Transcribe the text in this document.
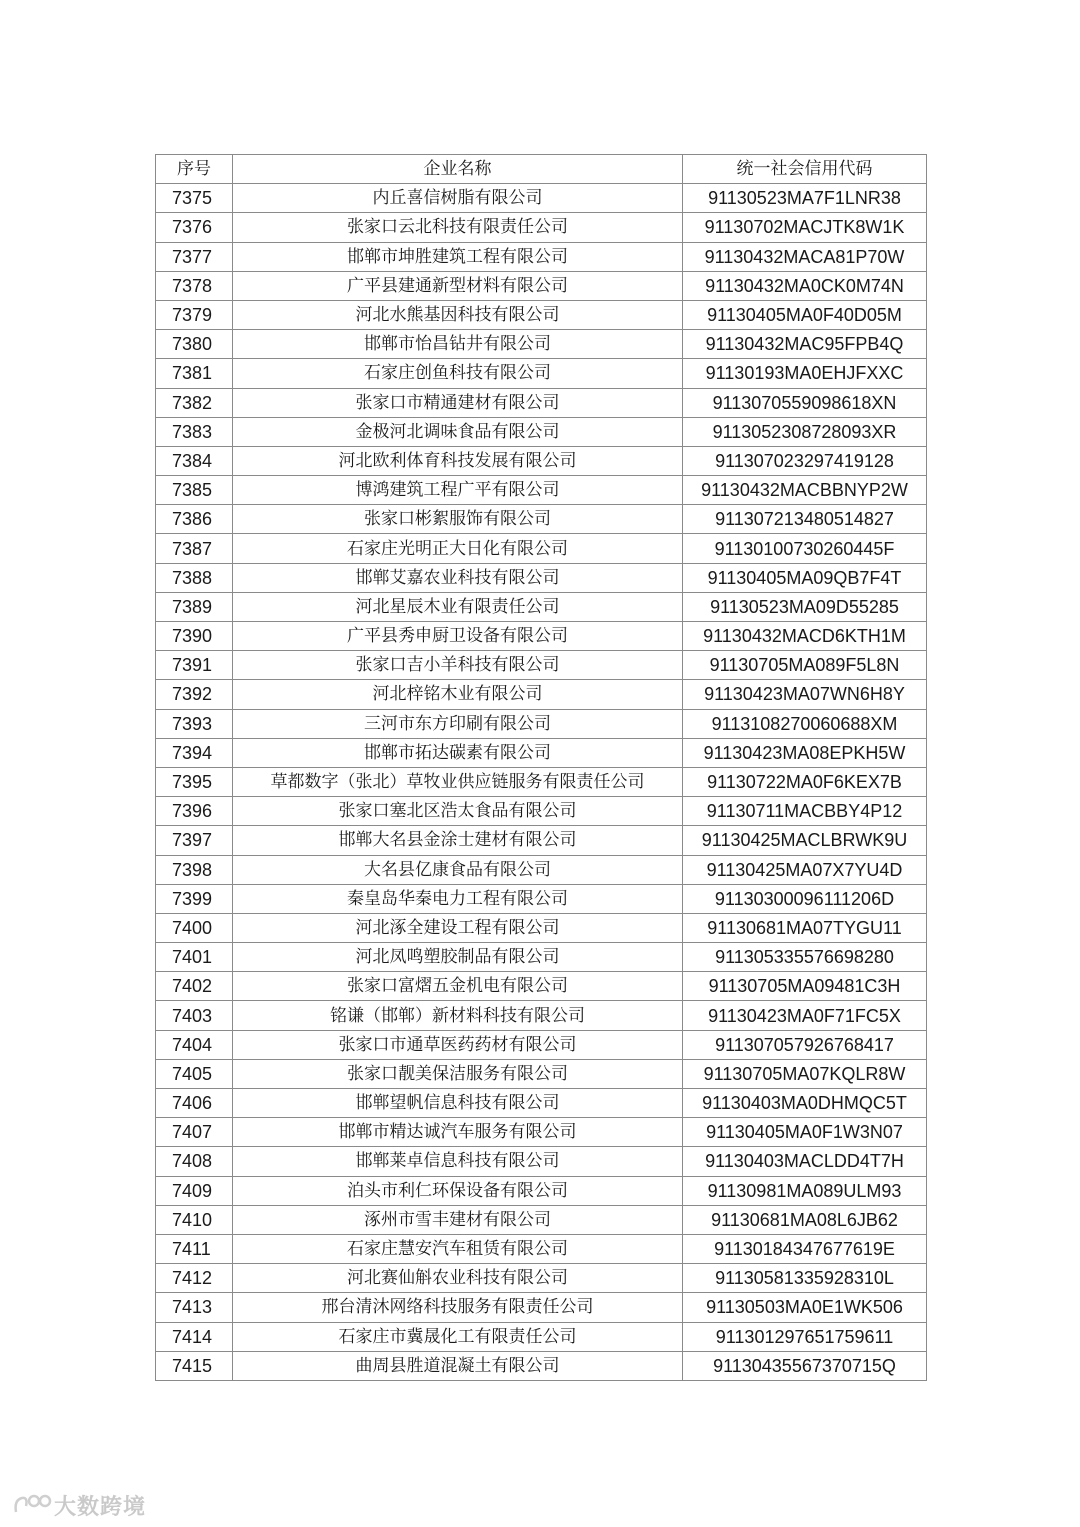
序号	企业名称	统一社会信用代码
7375	内丘喜信树脂有限公司	91130523MA7F1LNR38
7376	张家口云北科技有限责任公司	91130702MACJTK8W1K
7377	邯郸市坤胜建筑工程有限公司	91130432MACA81P70W
7378	广平县建通新型材料有限公司	91130432MA0CK0M74N
7379	河北水熊基因科技有限公司	91130405MA0F40D05M
7380	邯郸市怡昌钻井有限公司	91130432MAC95FPB4Q
7381	石家庄创鱼科技有限公司	91130193MA0EHJFXXC
7382	张家口市精通建材有限公司	9113070559098618XN
7383	金极河北调味食品有限公司	9113052308728093XR
7384	河北欧利体育科技发展有限公司	911307023297419128
7385	博鸿建筑工程广平有限公司	91130432MACBBNYP2W
7386	张家口彬絮服饰有限公司	911307213480514827
7387	石家庄光明正大日化有限公司	91130100730260445F
7388	邯郸艾嘉农业科技有限公司	91130405MA09QB7F4T
7389	河北星辰木业有限责任公司	91130523MA09D55285
7390	广平县秀申厨卫设备有限公司	91130432MACD6KTH1M
7391	张家口吉小羊科技有限公司	91130705MA089F5L8N
7392	河北梓铭木业有限公司	91130423MA07WN6H8Y
7393	三河市东方印刷有限公司	9113108270060688XM
7394	邯郸市拓达碳素有限公司	91130423MA08EPKH5W
7395	草都数字（张北）草牧业供应链服务有限责任公司	91130722MA0F6KEX7B
7396	张家口塞北区浩太食品有限公司	91130711MACBBY4P12
7397	邯郸大名县金涂士建材有限公司	91130425MACLBRWK9U
7398	大名县亿康食品有限公司	91130425MA07X7YU4D
7399	秦皇岛华秦电力工程有限公司	91130300096111206D
7400	河北涿全建设工程有限公司	91130681MA07TYGU11
7401	河北凤鸣塑胶制品有限公司	911305335576698280
7402	张家口富熠五金机电有限公司	91130705MA09481C3H
7403	铭谦（邯郸）新材料科技有限公司	91130423MA0F71FC5X
7404	张家口市通草医药药材有限公司	911307057926768417
7405	张家口靓美保洁服务有限公司	91130705MA07KQLR8W
7406	邯郸望帆信息科技有限公司	91130403MA0DHMQC5T
7407	邯郸市精达诚汽车服务有限公司	91130405MA0F1W3N07
7408	邯郸莱卓信息科技有限公司	91130403MACLDD4T7H
7409	泊头市利仁环保设备有限公司	91130981MA089ULM93
7410	涿州市雪丰建材有限公司	91130681MA08L6JB62
7411	石家庄慧安汽车租赁有限公司	91130184347677619E
7412	河北赛仙斛农业科技有限公司	91130581335928310L
7413	邢台清沐网络科技服务有限责任公司	91130503MA0E1WK506
7414	石家庄市冀晟化工有限责任公司	911301297651759611
7415	曲周县胜道混凝土有限公司	91130435567370715Q
大数跨境
